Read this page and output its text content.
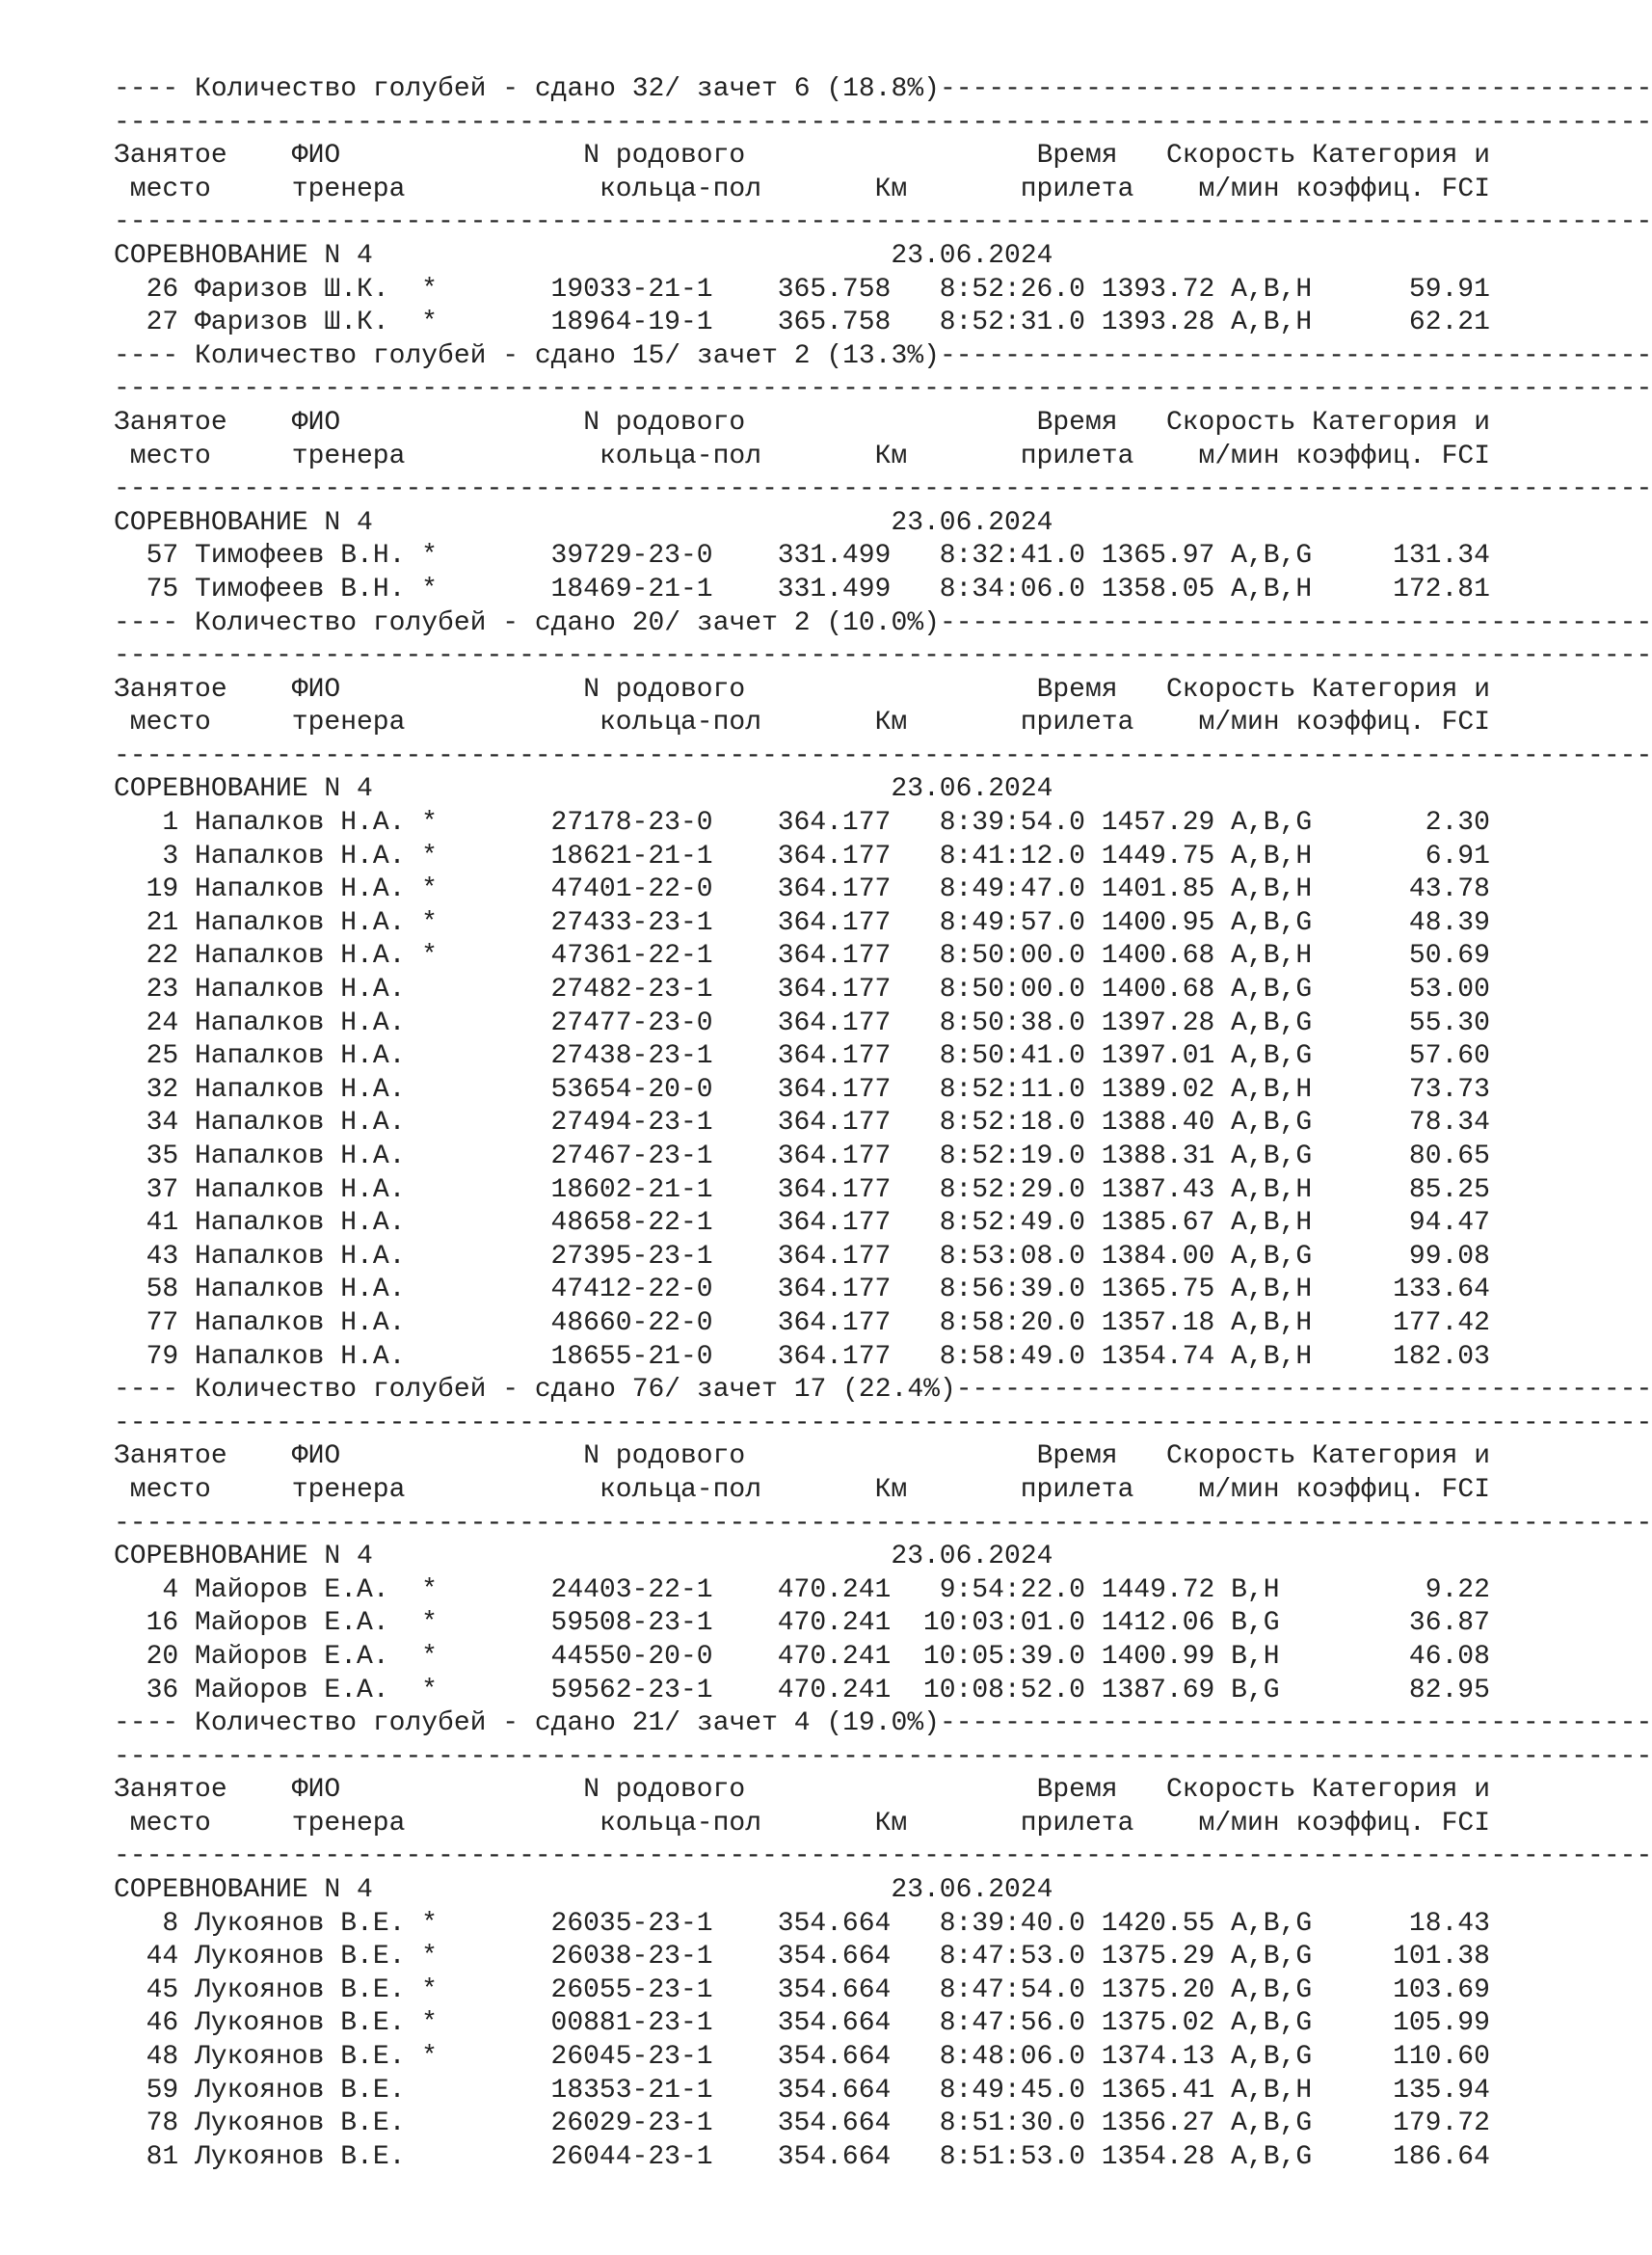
---- Количество голубей - сдано 32/ зачет 6 (18.8%)--------------------------------------------
-----------------------------------------------------------------------------------------------
Занятое ФИО	N родового	Время Скорость Категория и
место	тренера	кольца-пол	Км	прилета м/мин коэффиц. FCI
-----------------------------------------------------------------------------------------------
СОРЕВНОВАНИЕ N 4	23.06.2024
26 Фаризов Ш.К. *	19033-21-1 365.758 8:52:26.0 1393.72 A,B,H	59.91
27 Фаризов Ш.К. *	18964-19-1 365.758 8:52:31.0 1393.28 A,B,H	62.21
---- Количество голубей - сдано 15/ зачет 2 (13.3%)--------------------------------------------
-----------------------------------------------------------------------------------------------
Занятое ФИО	N родового	Время Скорость Категория и
место	тренера	кольца-пол	Км	прилета м/мин коэффиц. FCI
-----------------------------------------------------------------------------------------------
СОРЕВНОВАНИЕ N 4	23.06.2024
57 Тимофеев В.Н. *	39729-23-0 331.499 8:32:41.0 1365.97 A,B,G	131.34
75 Тимофеев В.Н. *	18469-21-1 331.499 8:34:06.0 1358.05 A,B,H	172.81
---- Количество голубей - сдано 20/ зачет 2 (10.0%)--------------------------------------------
-----------------------------------------------------------------------------------------------
Занятое ФИО	N родового	Время Скорость Категория и
место	тренера	кольца-пол	Км	прилета м/мин коэффиц. FCI
-----------------------------------------------------------------------------------------------
СОРЕВНОВАНИЕ N 4	23.06.2024
1 Напалков Н.А. *	27178-23-0 364.177 8:39:54.0 1457.29 A,B,G	2.30
3 Напалков Н.А. *	18621-21-1 364.177 8:41:12.0 1449.75 A,B,H	6.91
19 Напалков Н.А. *	47401-22-0 364.177 8:49:47.0 1401.85 A,B,H	43.78
21 Напалков Н.А. *	27433-23-1 364.177 8:49:57.0 1400.95 A,B,G	48.39
22 Напалков Н.А. *	47361-22-1 364.177 8:50:00.0 1400.68 A,B,H	50.69
23 Напалков Н.А.	27482-23-1 364.177 8:50:00.0 1400.68 A,B,G	53.00
24 Напалков Н.А.	27477-23-0 364.177 8:50:38.0 1397.28 A,B,G	55.30
25 Напалков Н.А.	27438-23-1 364.177 8:50:41.0 1397.01 A,B,G	57.60
32 Напалков Н.А.	53654-20-0 364.177 8:52:11.0 1389.02 A,B,H	73.73
34 Напалков Н.А.	27494-23-1 364.177 8:52:18.0 1388.40 A,B,G	78.34
35 Напалков Н.А.	27467-23-1 364.177 8:52:19.0 1388.31 A,B,G	80.65
37 Напалков Н.А.	18602-21-1 364.177 8:52:29.0 1387.43 A,B,H	85.25
41 Напалков Н.А.	48658-22-1 364.177 8:52:49.0 1385.67 A,B,H	94.47
43 Напалков Н.А.	27395-23-1 364.177 8:53:08.0 1384.00 A,B,G	99.08
58 Напалков Н.А.	47412-22-0 364.177 8:56:39.0 1365.75 A,B,H	133.64
77 Напалков Н.А.	48660-22-0 364.177 8:58:20.0 1357.18 A,B,H	177.42
79 Напалков Н.А.	18655-21-0 364.177 8:58:49.0 1354.74 A,B,H	182.03
---- Количество голубей - сдано 76/ зачет 17 (22.4%)-------------------------------------------
-----------------------------------------------------------------------------------------------
Занятое ФИО	N родового	Время Скорость Категория и
место	тренера	кольца-пол	Км	прилета м/мин коэффиц. FCI
-----------------------------------------------------------------------------------------------
СОРЕВНОВАНИЕ N 4	23.06.2024
4 Майоров Е.А. *	24403-22-1 470.241 9:54:22.0 1449.72 B,H	9.22
16 Майоров Е.А. *	59508-23-1 470.241 10:03:01.0 1412.06 B,G	36.87
20 Майоров Е.А. *	44550-20-0 470.241 10:05:39.0 1400.99 B,H	46.08
36 Майоров Е.А. *	59562-23-1 470.241 10:08:52.0 1387.69 B,G	82.95
---- Количество голубей - сдано 21/ зачет 4 (19.0%)--------------------------------------------
-----------------------------------------------------------------------------------------------
Занятое ФИО	N родового	Время Скорость Категория и
место	тренера	кольца-пол	Км	прилета м/мин коэффиц. FCI
-----------------------------------------------------------------------------------------------
СОРЕВНОВАНИЕ N 4	23.06.2024
8 Лукоянов В.Е. *	26035-23-1 354.664 8:39:40.0 1420.55 A,B,G	18.43
44 Лукоянов В.Е. *	26038-23-1 354.664 8:47:53.0 1375.29 A,B,G	101.38
45 Лукоянов В.Е. *	26055-23-1 354.664 8:47:54.0 1375.20 A,B,G	103.69
46 Лукоянов В.Е. *	00881-23-1 354.664 8:47:56.0 1375.02 A,B,G	105.99
48 Лукоянов В.Е. *	26045-23-1 354.664 8:48:06.0 1374.13 A,B,G	110.60
59 Лукоянов В.Е.	18353-21-1 354.664 8:49:45.0 1365.41 A,B,H	135.94
78 Лукоянов В.Е.	26029-23-1 354.664 8:51:30.0 1356.27 A,B,G	179.72
81 Лукоянов В.Е.	26044-23-1 354.664 8:51:53.0 1354.28 A,B,G	186.64
